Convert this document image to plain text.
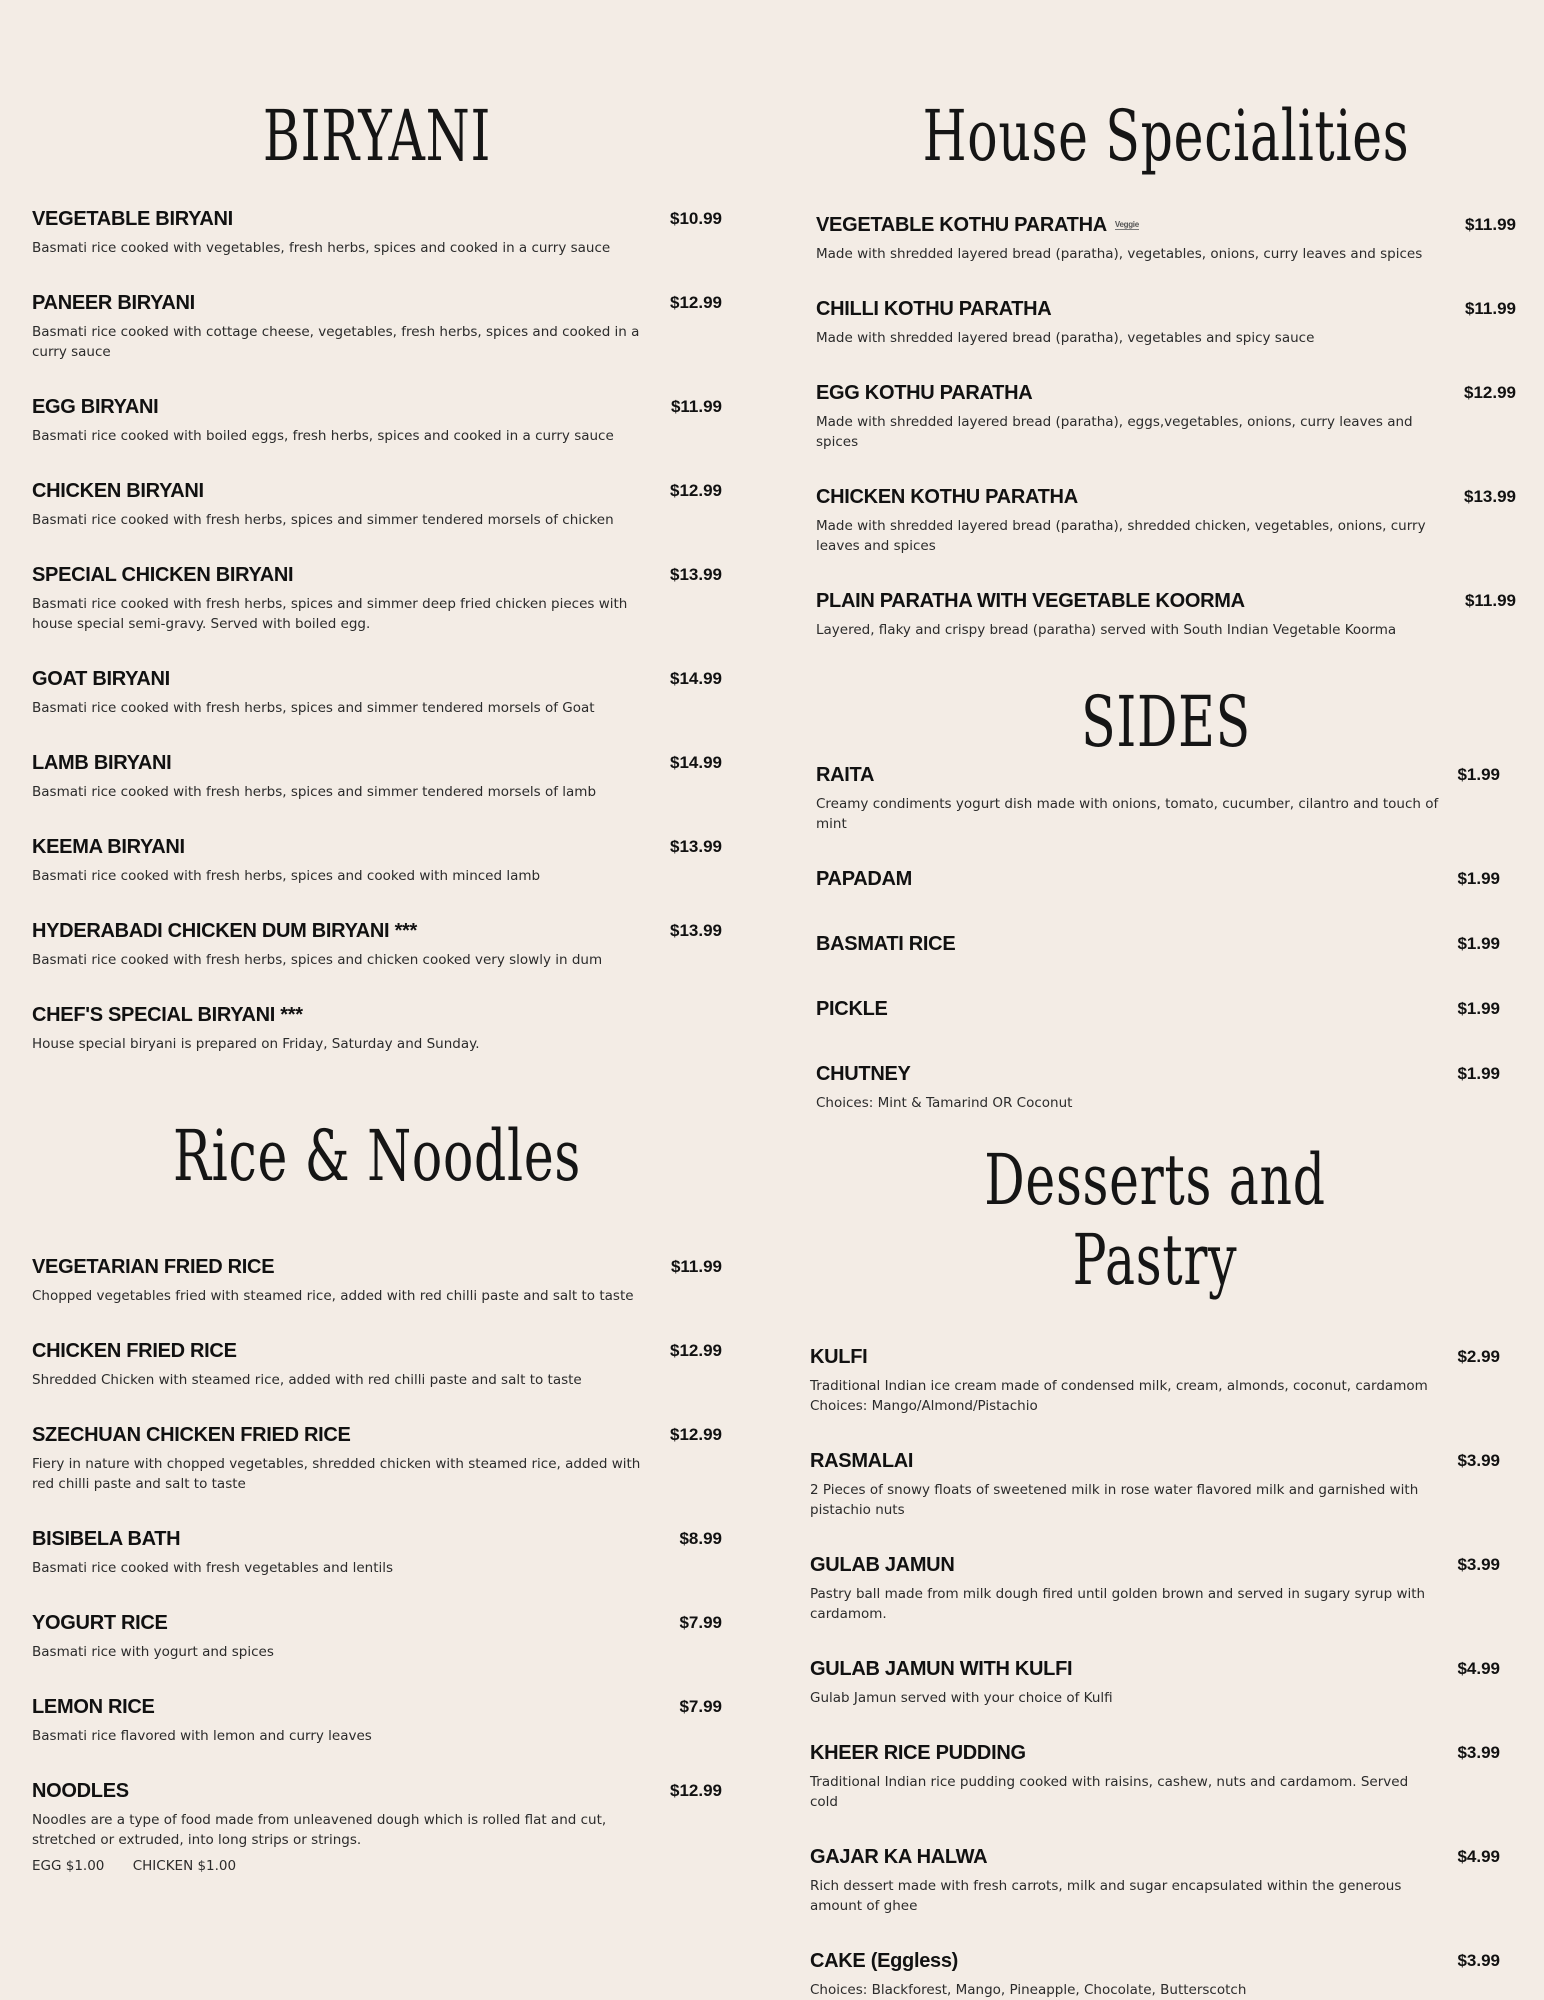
BIRYANI
VEGETABLE BIRYANI	$10.99

Basmati rice cooked with vegetables, fresh herbs, spices and cooked in a curry sauce

PANEER BIRYANI	$12.99

Basmati rice cooked with cottage cheese, vegetables, fresh herbs, spices and cooked in a curry sauce

EGG BIRYANI	$11.99

Basmati rice cooked with boiled eggs, fresh herbs, spices and cooked in a curry sauce

CHICKEN BIRYANI	$12.99

Basmati rice cooked with fresh herbs, spices and simmer tendered morsels of chicken

SPECIAL CHICKEN BIRYANI	$13.99

Basmati rice cooked with fresh herbs, spices and simmer deep fried chicken pieces with house special semi-gravy. Served with boiled egg.

GOAT BIRYANI	$14.99

Basmati rice cooked with fresh herbs, spices and simmer tendered morsels of Goat

LAMB BIRYANI	$14.99

Basmati rice cooked with fresh herbs, spices and simmer tendered morsels of lamb

KEEMA BIRYANI	$13.99

Basmati rice cooked with fresh herbs, spices and cooked with minced lamb

HYDERABADI CHICKEN DUM BIRYANI ***	$13.99

Basmati rice cooked with fresh herbs, spices and chicken cooked very slowly in dum

CHEF'S SPECIAL BIRYANI ***

House special biryani is prepared on Friday, Saturday and Sunday.

Rice & Noodles
VEGETARIAN FRIED RICE	$11.99

Chopped vegetables fried with steamed rice, added with red chilli paste and salt to taste

CHICKEN FRIED RICE	$12.99

Shredded Chicken with steamed rice, added with red chilli paste and salt to taste

SZECHUAN CHICKEN FRIED RICE	$12.99

Fiery in nature with chopped vegetables, shredded chicken with steamed rice, added with red chilli paste and salt to taste

BISIBELA BATH	$8.99

Basmati rice cooked with fresh vegetables and lentils

YOGURT RICE	$7.99

Basmati rice with yogurt and spices

LEMON RICE	$7.99

Basmati rice flavored with lemon and curry leaves

NOODLES	$12.99

Noodles are a type of food made from unleavened dough which is rolled flat and cut, stretched or extruded, into long strips or strings.

EGG $1.00 CHICKEN $1.00
House Specialities
VEGETABLE KOTHU PARATHA Veggie	$11.99

Made with shredded layered bread (paratha), vegetables, onions, curry leaves and spices

CHILLI KOTHU PARATHA	$11.99

Made with shredded layered bread (paratha), vegetables and spicy sauce

EGG KOTHU PARATHA	$12.99

Made with shredded layered bread (paratha), eggs,vegetables, onions, curry leaves and spices

CHICKEN KOTHU PARATHA	$13.99

Made with shredded layered bread (paratha), shredded chicken, vegetables, onions, curry leaves and spices

PLAIN PARATHA WITH VEGETABLE KOORMA	$11.99

Layered, flaky and crispy bread (paratha) served with South Indian Vegetable Koorma

SIDES
RAITA	$1.99

Creamy condiments yogurt dish made with onions, tomato, cucumber, cilantro and touch of mint

PAPADAM	$1.99
BASMATI RICE	$1.99
PICKLE	$1.99
CHUTNEY	$1.99

Choices: Mint & Tamarind OR Coconut

Desserts and Pastry
KULFI	$2.99

Traditional Indian ice cream made of condensed milk, cream, almonds, coconut, cardamom

Choices: Mango/Almond/Pistachio

RASMALAI	$3.99

2 Pieces of snowy floats of sweetened milk in rose water flavored milk and garnished with pistachio nuts

GULAB JAMUN	$3.99

Pastry ball made from milk dough fired until golden brown and served in sugary syrup with cardamom.

GULAB JAMUN WITH KULFI	$4.99

Gulab Jamun served with your choice of Kulfi

KHEER RICE PUDDING	$3.99

Traditional Indian rice pudding cooked with raisins, cashew, nuts and cardamom. Served cold

GAJAR KA HALWA	$4.99

Rich dessert made with fresh carrots, milk and sugar encapsulated within the generous amount of ghee

CAKE (Eggless)	$3.99

Choices: Blackforest, Mango, Pineapple, Chocolate, Butterscotch
